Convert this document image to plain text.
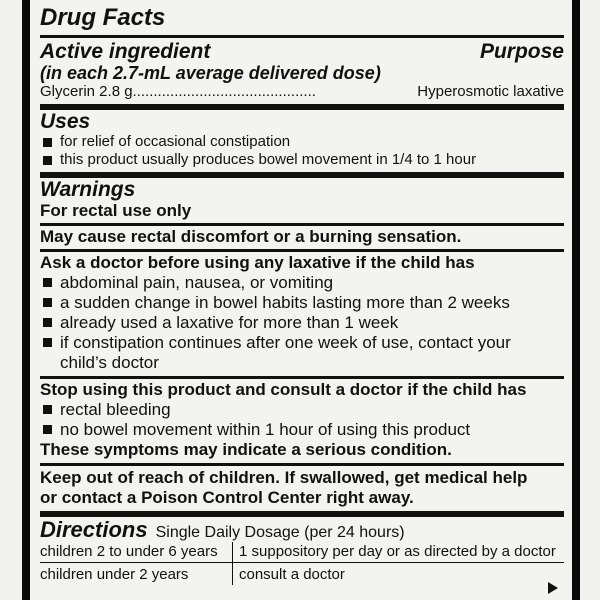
Drug Facts
Active ingredient	Purpose
(in each 2.7-mL average delivered dose)
Glycerin 2.8 g ............................................	Hyperosmotic laxative
Uses
for relief of occasional constipation
this product usually produces bowel movement in 1/4 to 1 hour
Warnings
For rectal use only
May cause rectal discomfort or a burning sensation.
Ask a doctor before using any laxative if the child has
abdominal pain, nausea, or vomiting
a sudden change in bowel habits lasting more than 2 weeks
already used a laxative for more than 1 week
if constipation continues after one week of use, contact your child’s doctor
Stop using this product and consult a doctor if the child has
rectal bleeding
no bowel movement within 1 hour of using this product
These symptoms may indicate a serious condition.
Keep out of reach of children. If swallowed, get medical help or contact a Poison Control Center right away.
Directions Single Daily Dosage (per 24 hours)
children 2 to under 6 years	1 suppository per day or as directed by a doctor
children under 2 years	consult a doctor
